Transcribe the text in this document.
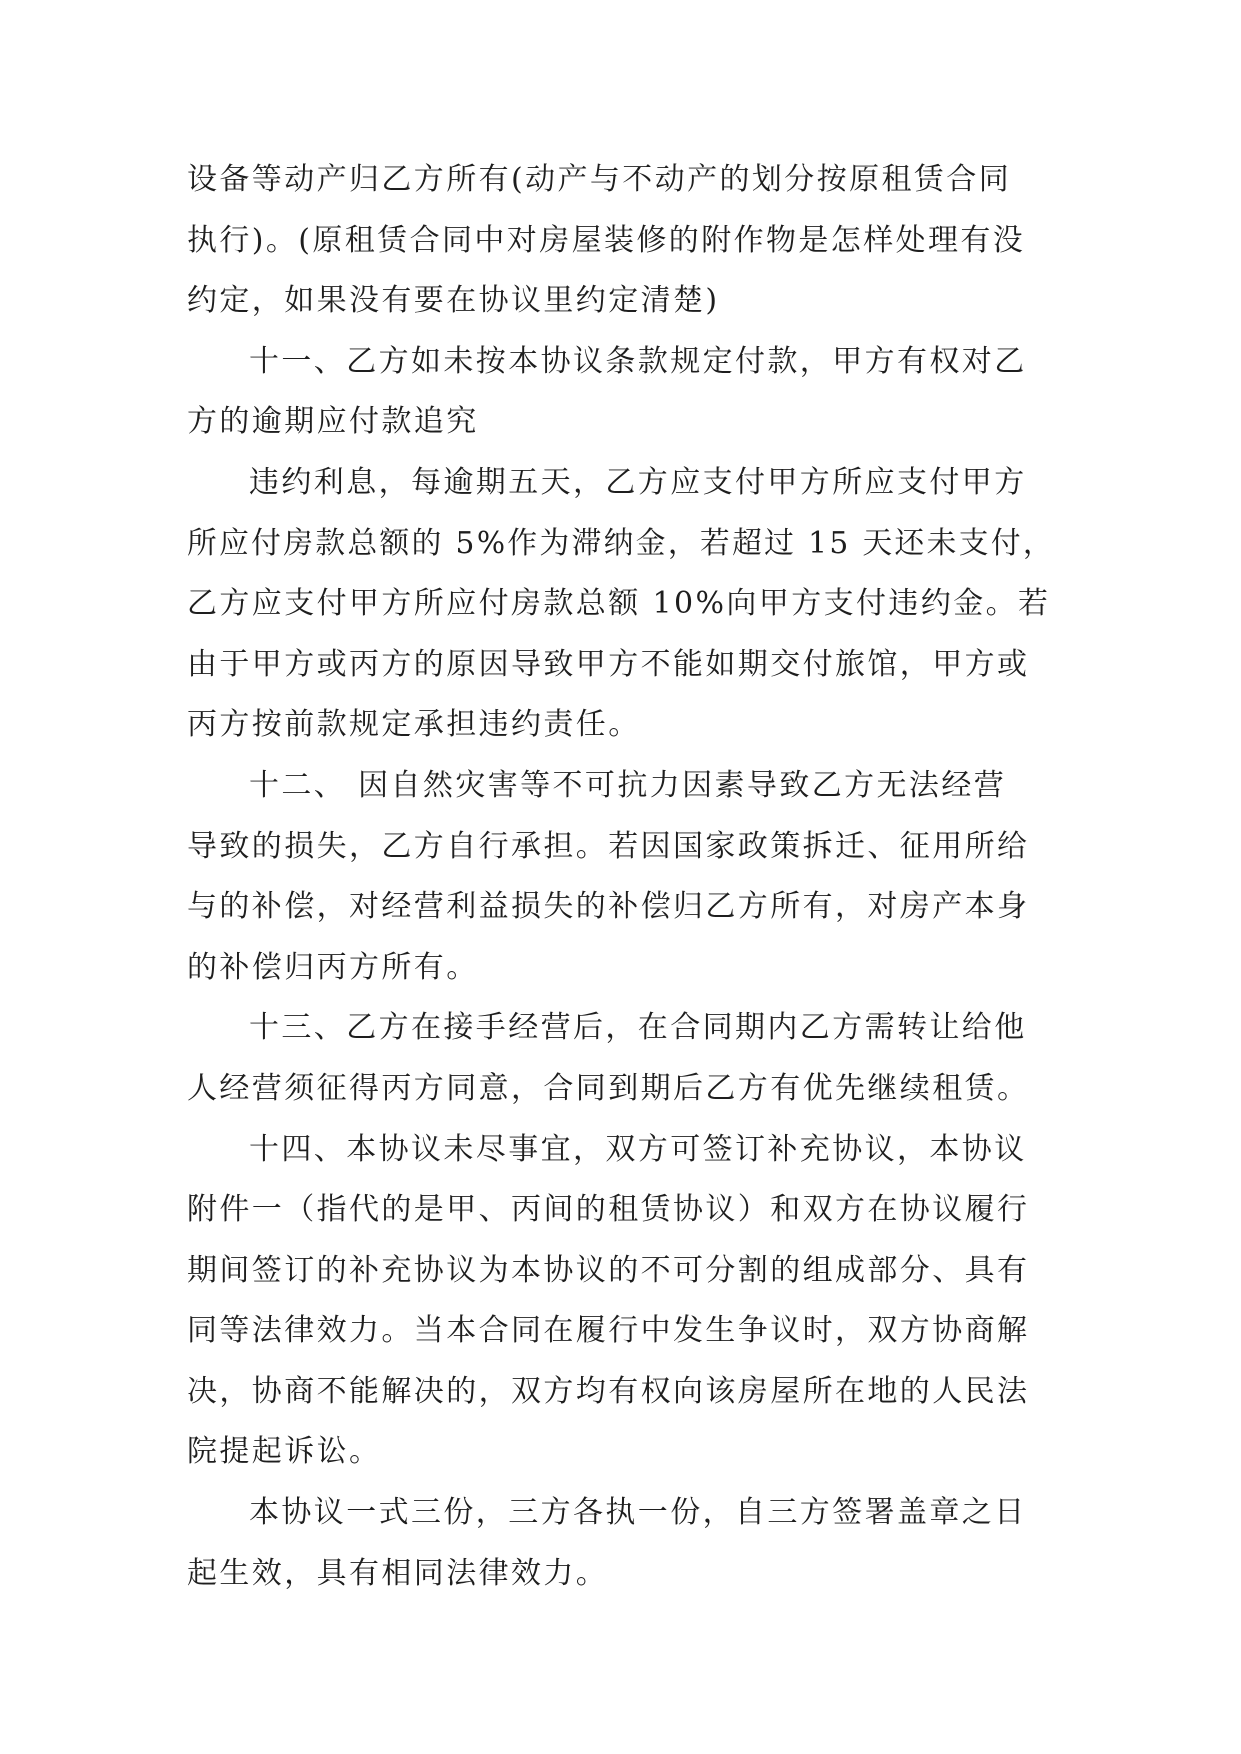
设备等动产归乙方所有(动产与不动产的划分按原租赁合同
执行)。(原租赁合同中对房屋装修的附作物是怎样处理有没
约定，如果没有要在协议里约定清楚)
十一、乙方如未按本协议条款规定付款，甲方有权对乙
方的逾期应付款追究
违约利息，每逾期五天，乙方应支付甲方所应支付甲方
所应付房款总额的 5%作为滞纳金，若超过 15 天还未支付，
乙方应支付甲方所应付房款总额 10%向甲方支付违约金。若
由于甲方或丙方的原因导致甲方不能如期交付旅馆，甲方或
丙方按前款规定承担违约责任。
十二、 因自然灾害等不可抗力因素导致乙方无法经营
导致的损失，乙方自行承担。若因国家政策拆迁、征用所给
与的补偿，对经营利益损失的补偿归乙方所有，对房产本身
的补偿归丙方所有。
十三、乙方在接手经营后，在合同期内乙方需转让给他
人经营须征得丙方同意，合同到期后乙方有优先继续租赁。
十四、本协议未尽事宜，双方可签订补充协议，本协议
附件一（指代的是甲、丙间的租赁协议）和双方在协议履行
期间签订的补充协议为本协议的不可分割的组成部分、具有
同等法律效力。当本合同在履行中发生争议时，双方协商解
决，协商不能解决的，双方均有权向该房屋所在地的人民法
院提起诉讼。
本协议一式三份，三方各执一份，自三方签署盖章之日
起生效，具有相同法律效力。
